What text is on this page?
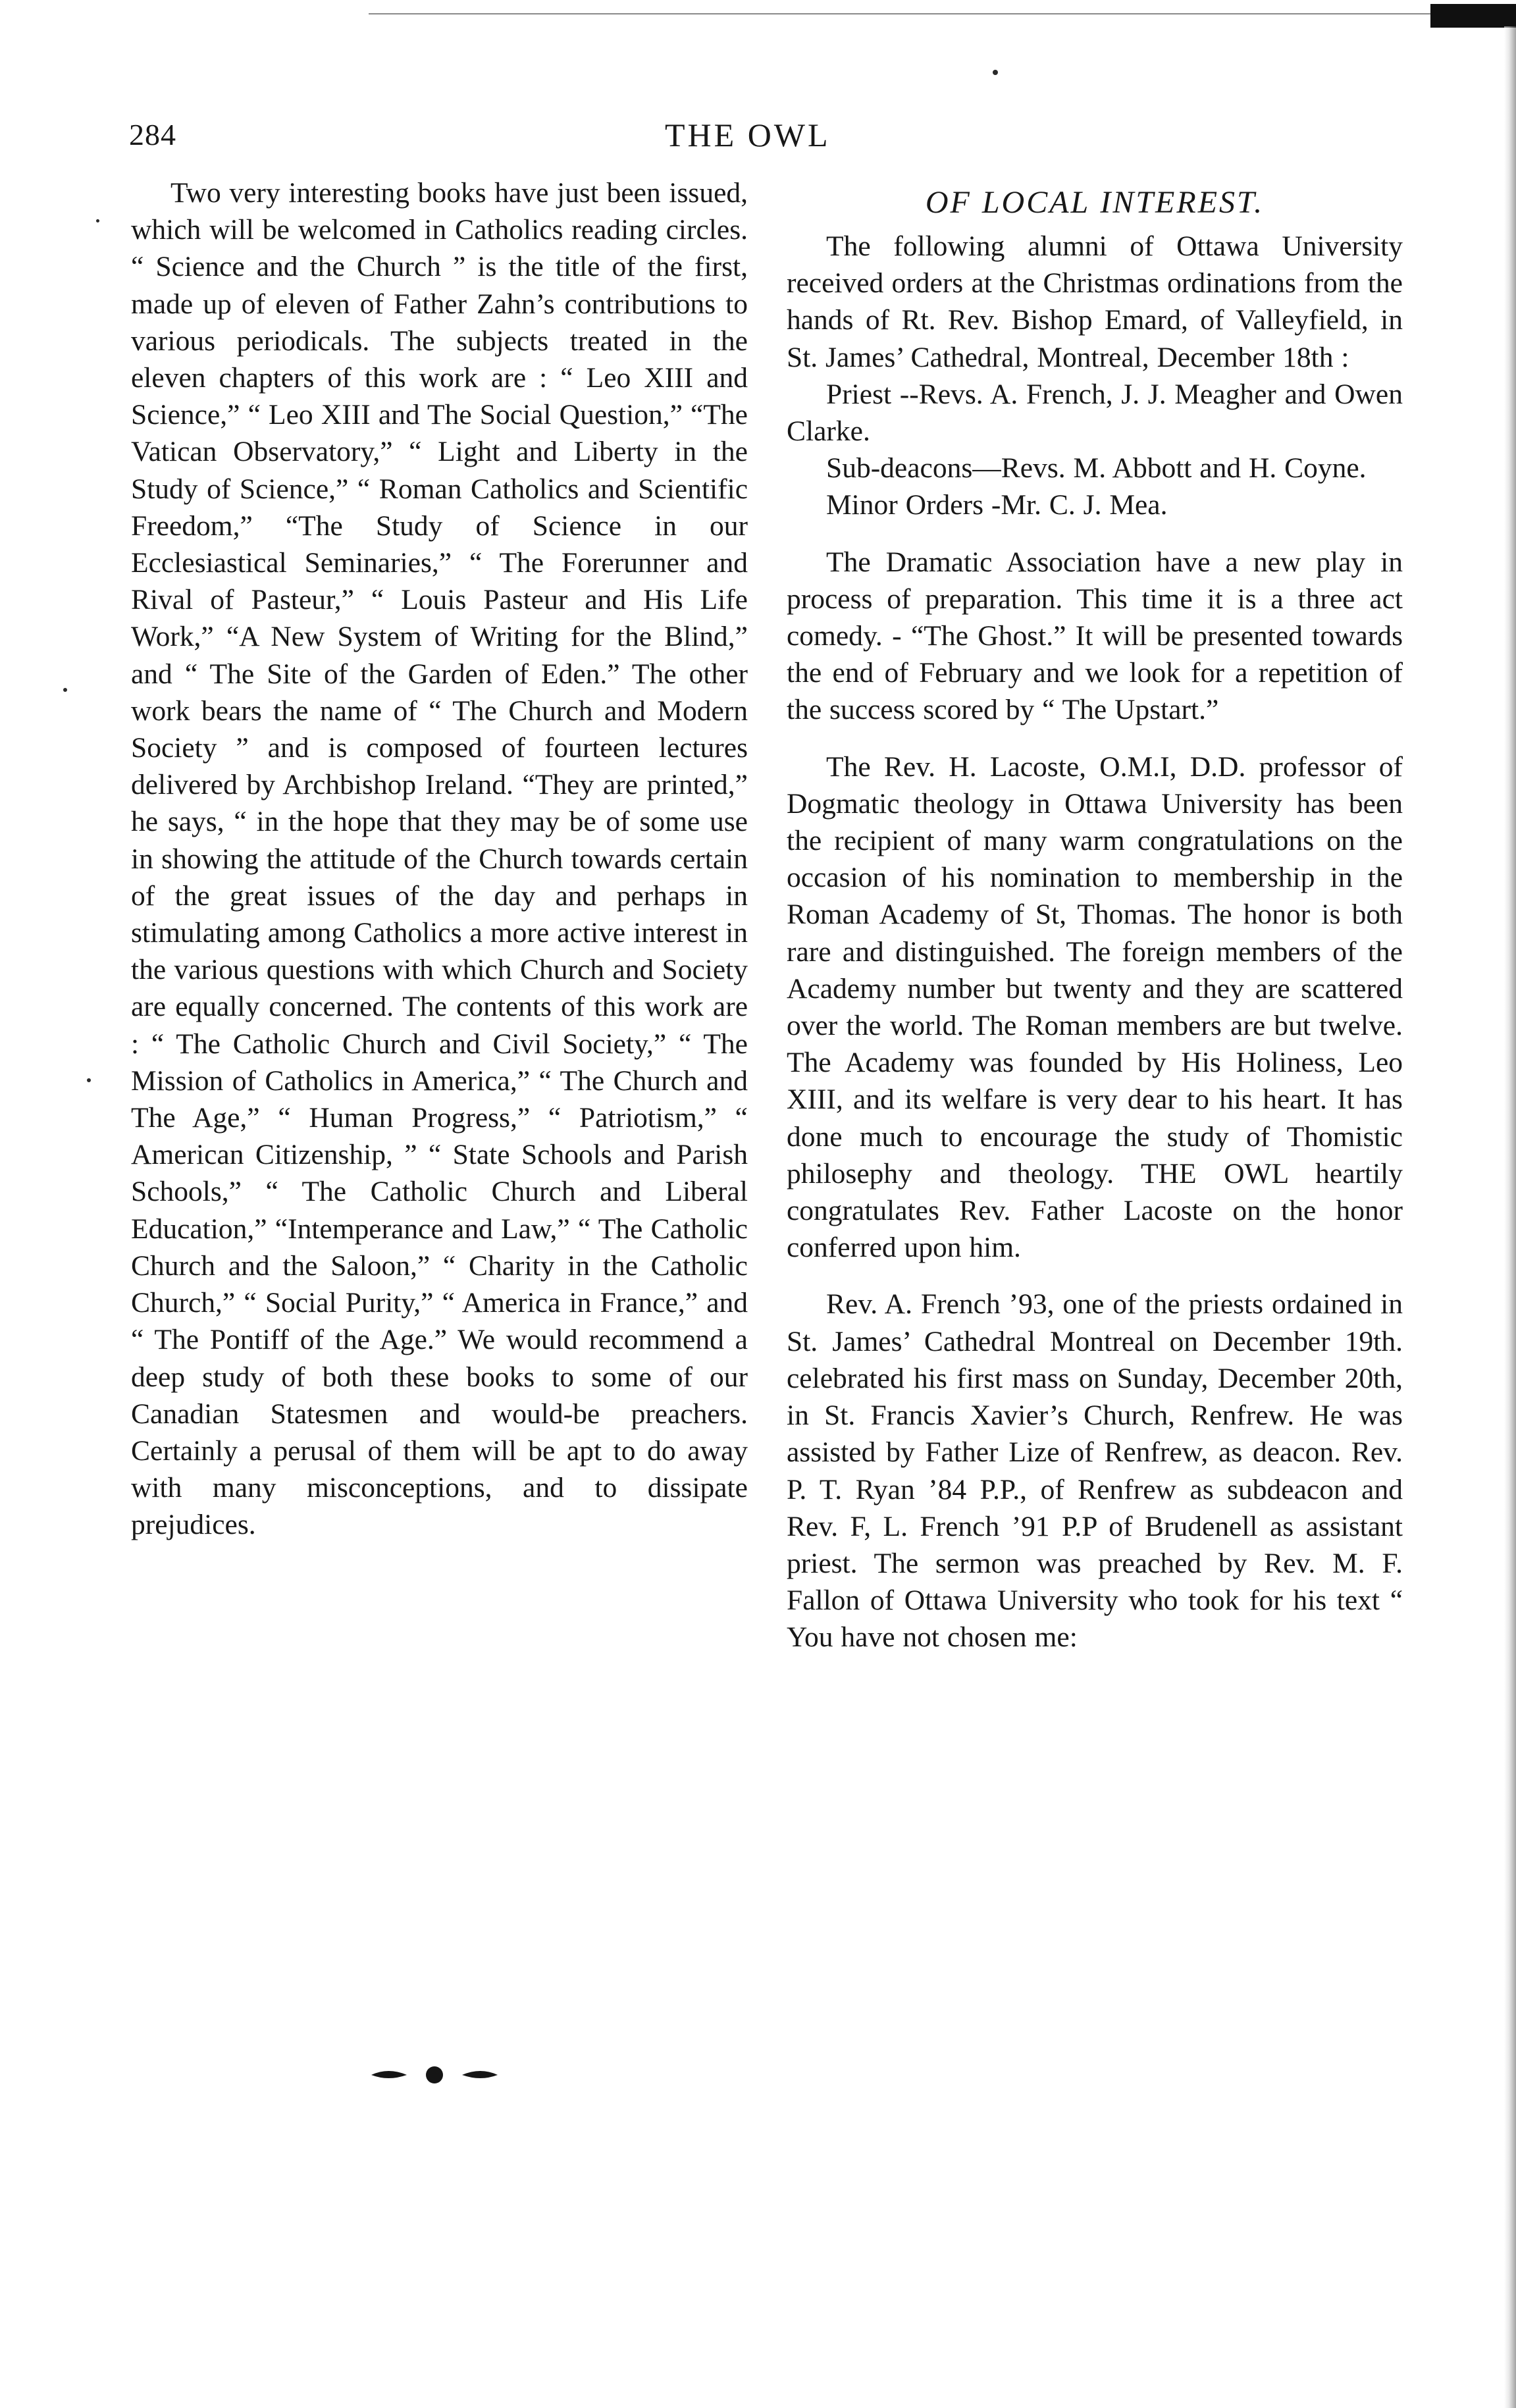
284	THE OWL

Two very interesting books have just been issued, which will be welcomed in Catholics reading circles. “ Science and the Church ” is the title of the first, made up of eleven of Father Zahn’s contributions to various periodicals. The subjects treated in the eleven chapters of this work are : “ Leo XIII and Science,” “ Leo XIII and The Social Question,” “The Vatican Observatory,” “ Light and Liberty in the Study of Science,” “ Roman Catholics and Scientific Freedom,” “The Study of Science in our Ecclesiastical Seminaries,” “ The Forerunner and Rival of Pasteur,” “ Louis Pasteur and His Life Work,” “A New System of Writing for the Blind,” and “ The Site of the Garden of Eden.” The other work bears the name of “ The Church and Modern Society ” and is composed of fourteen lectures delivered by Archbishop Ireland. “They are printed,” he says, “ in the hope that they may be of some use in showing the attitude of the Church towards certain of the great issues of the day and perhaps in stimulating among Catholics a more active interest in the various questions with which Church and Society are equally concerned. The contents of this work are : “ The Catholic Church and Civil Society,” “ The Mission of Catholics in America,” “ The Church and The Age,” “ Human Progress,” “ Patriotism,” “ American Citizenship, ” “ State Schools and Parish Schools,” “ The Catholic Church and Liberal Education,” “Intemperance and Law,” “ The Catholic Church and the Saloon,” “ Charity in the Catholic Church,” “ Social Purity,” “ America in France,” and “ The Pontiff of the Age.” We would recommend a deep study of both these books to some of our Canadian Statesmen and would-be preachers. Certainly a perusal of them will be apt to do away with many misconceptions, and to dissipate prejudices.

OF LOCAL INTEREST.

The following alumni of Ottawa University received orders at the Christmas ordinations from the hands of Rt. Rev. Bishop Emard, of Valleyfield, in St. James’ Cathedral, Montreal, December 18th :

Priest --Revs. A. French, J. J. Meagher and Owen Clarke.

Sub-deacons—Revs. M. Abbott and H. Coyne.

Minor Orders -Mr. C. J. Mea.

The Dramatic Association have a new play in process of preparation. This time it is a three act comedy. - “The Ghost.” It will be presented towards the end of February and we look for a repetition of the success scored by “ The Upstart.”

The Rev. H. Lacoste, O.M.I, D.D. professor of Dogmatic theology in Ottawa University has been the recipient of many warm congratulations on the occasion of his nomination to membership in the Roman Academy of St, Thomas. The honor is both rare and distinguished. The foreign members of the Academy number but twenty and they are scattered over the world. The Roman members are but twelve. The Academy was founded by His Holiness, Leo XIII, and its welfare is very dear to his heart. It has done much to encourage the study of Thomistic philosephy and theology. THE OWL heartily congratulates Rev. Father Lacoste on the honor conferred upon him.

Rev. A. French ’93, one of the priests ordained in St. James’ Cathedral Montreal on December 19th. celebrated his first mass on Sunday, December 20th, in St. Francis Xavier’s Church, Renfrew. He was assisted by Father Lize of Renfrew, as deacon. Rev. P. T. Ryan ’84 P.P., of Renfrew as subdeacon and Rev. F, L. French ’91 P.P of Brudenell as assistant priest. The sermon was preached by Rev. M. F. Fallon of Ottawa University who took for his text “ You have not chosen me:
